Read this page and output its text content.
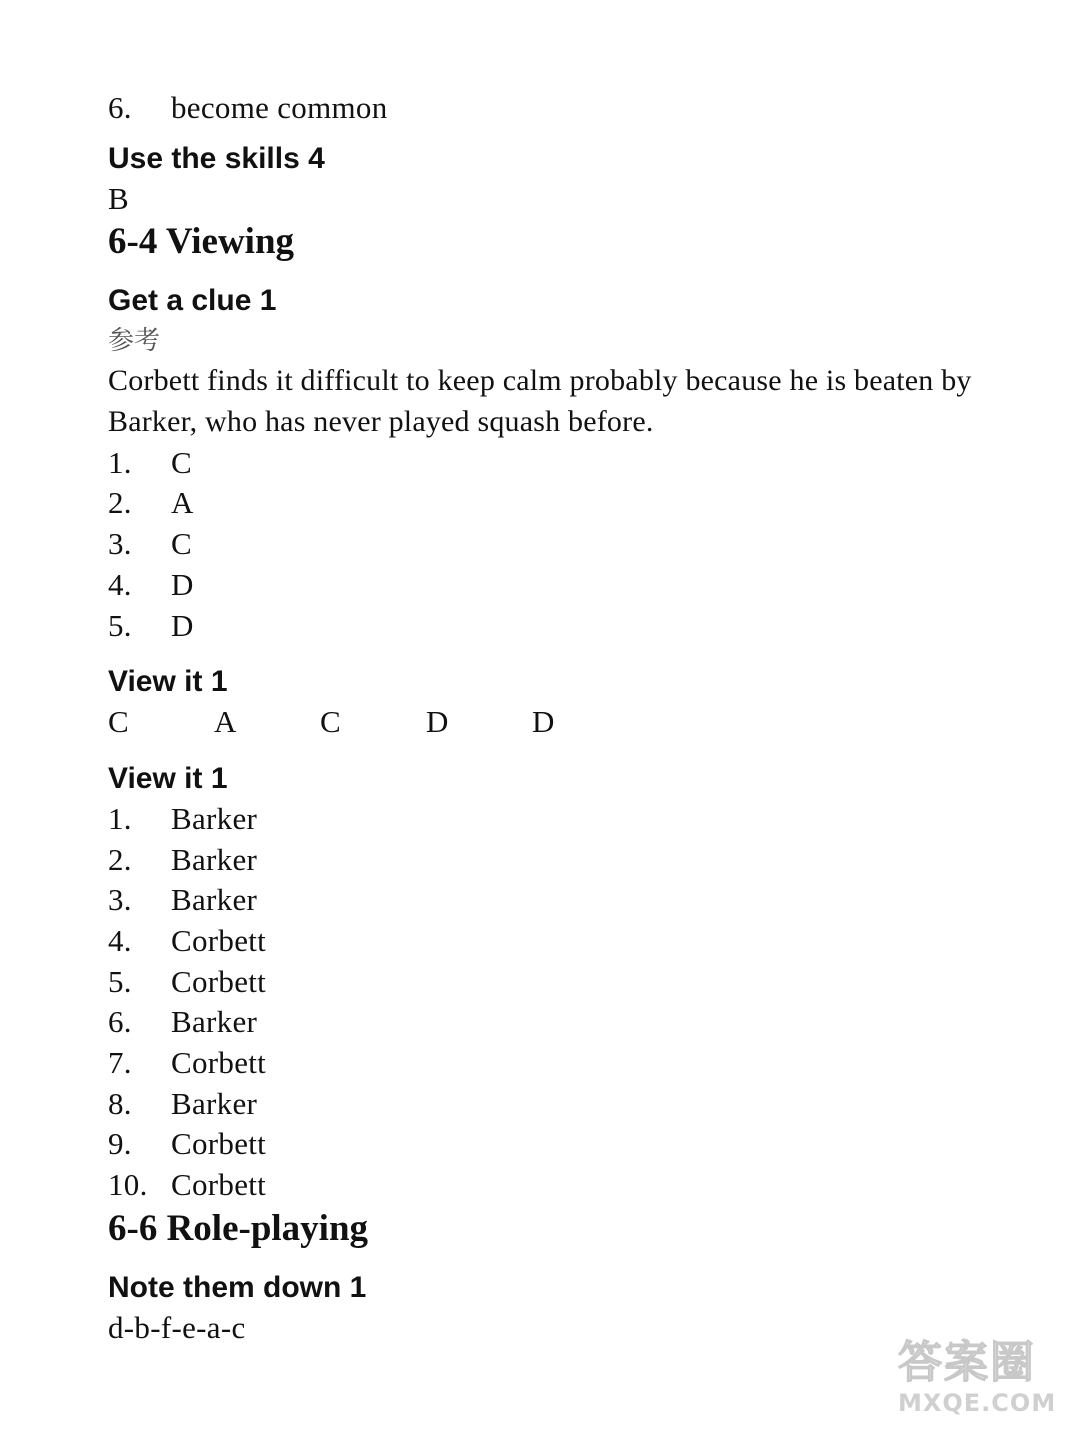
6. become common
Use the skills 4
B
6-4 Viewing
Get a clue 1
参考
Corbett finds it difficult to keep calm probably because he is beaten by Barker, who has never played squash before.
1. C
2. A
3. C
4. D
5. D
View it 1
C	A	C	D	D
View it 1
1. Barker
2. Barker
3. Barker
4. Corbett
5. Corbett
6. Barker
7. Corbett
8. Barker
9. Corbett
10. Corbett
6-6 Role-playing
Note them down 1
d-b-f-e-a-c
答案圈
MXQE.COM
